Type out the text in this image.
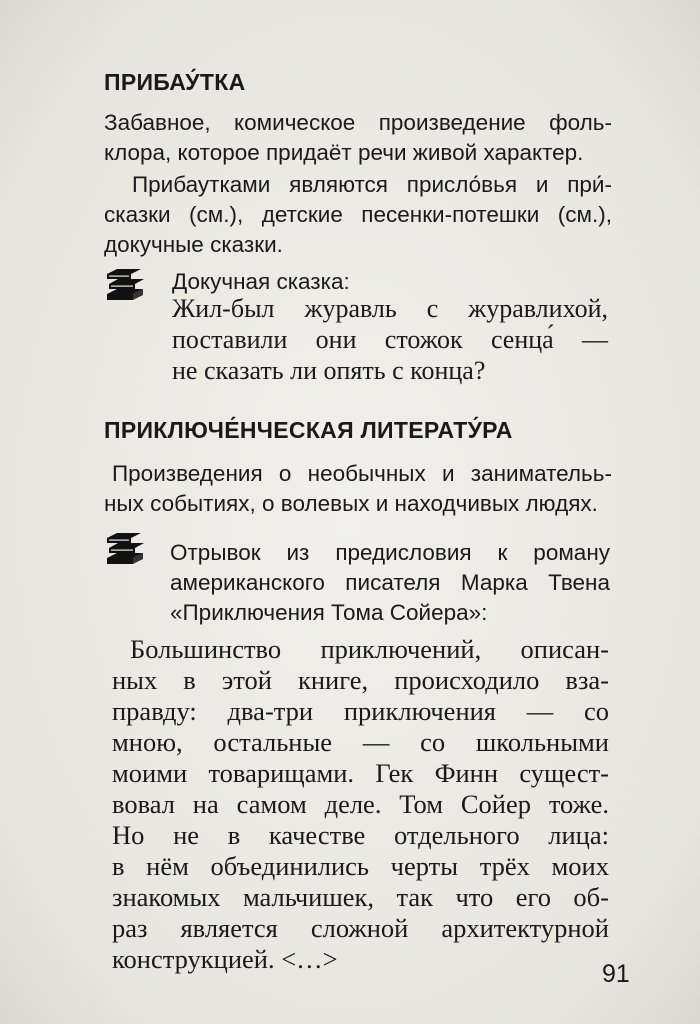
ПРИБАУ́ТКА

Забавное, комическое произведение фоль-
клора, которое придаёт речи живой характер.

Прибаутками являются присло́вья и при́-
сказки (см.), детские песенки-потешки (см.),
докучные сказки.

Докучная сказка:
Жил-был журавль с журавлихой,
поставили они стожок сенца́ —
не сказать ли опять с конца?
ПРИКЛЮЧЕ́НЧЕСКАЯ ЛИТЕРАТУ́РА

Произведения о необычных и занимательь-
ных событиях, о волевых и находчивых людях.

Отрывок из предисловия к роману
американского писателя Марка Твена
«Приключения Тома Сойера»:

Большинство приключений, описан-
ных в этой книге, происходило вза-
правду: два-три приключения — со
мною, остальные — со школьными
моими товарищами. Гек Финн сущест-
вовал на самом деле. Том Сойер тоже.
Но не в качестве отдельного лица:
в нём объединились черты трёх моих
знакомых мальчишек, так что его об-
раз является сложной архитектурной
конструкцией. <…>	91
